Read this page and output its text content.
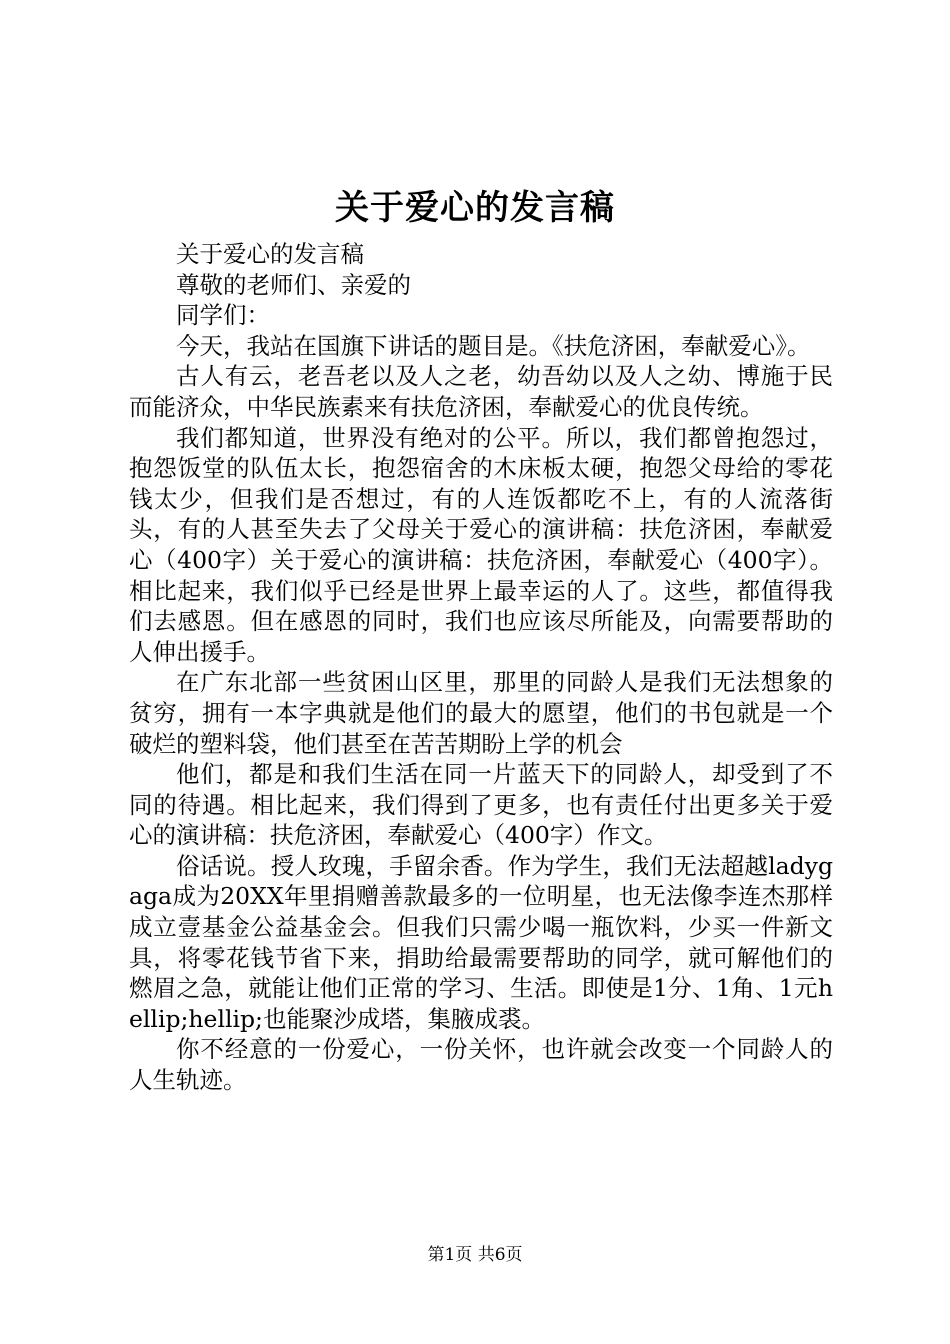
关于爱心的发言稿

关于爱心的发言稿

尊敬的老师们、亲爱的

同学们：

今天，我站在国旗下讲话的题目是。《扶危济困，奉献爱心》。

古人有云，老吾老以及人之老，幼吾幼以及人之幼、博施于民而能济众，中华民族素来有扶危济困，奉献爱心的优良传统。

我们都知道，世界没有绝对的公平。所以，我们都曾抱怨过，抱怨饭堂的队伍太长，抱怨宿舍的木床板太硬，抱怨父母给的零花钱太少，但我们是否想过，有的人连饭都吃不上，有的人流落街头，有的人甚至失去了父母关于爱心的演讲稿：扶危济困，奉献爱心（400字）关于爱心的演讲稿：扶危济困，奉献爱心（400字）。相比起来，我们似乎已经是世界上最幸运的人了。这些，都值得我们去感恩。但在感恩的同时，我们也应该尽所能及，向需要帮助的人伸出援手。

在广东北部一些贫困山区里，那里的同龄人是我们无法想象的贫穷，拥有一本字典就是他们的最大的愿望，他们的书包就是一个破烂的塑料袋，他们甚至在苦苦期盼上学的机会

他们，都是和我们生活在同一片蓝天下的同龄人，却受到了不同的待遇。相比起来，我们得到了更多，也有责任付出更多关于爱心的演讲稿：扶危济困，奉献爱心（400字）作文。

俗话说。授人玫瑰，手留余香。作为学生，我们无法超越ladygaga成为20XX年里捐赠善款最多的一位明星，也无法像李连杰那样成立壹基金公益基金会。但我们只需少喝一瓶饮料，少买一件新文具，将零花钱节省下来，捐助给最需要帮助的同学，就可解他们的燃眉之急，就能让他们正常的学习、生活。即使是1分、1角、1元hellip;hellip;也能聚沙成塔，集腋成裘。

你不经意的一份爱心，一份关怀，也许就会改变一个同龄人的人生轨迹。

第1页 共6页
